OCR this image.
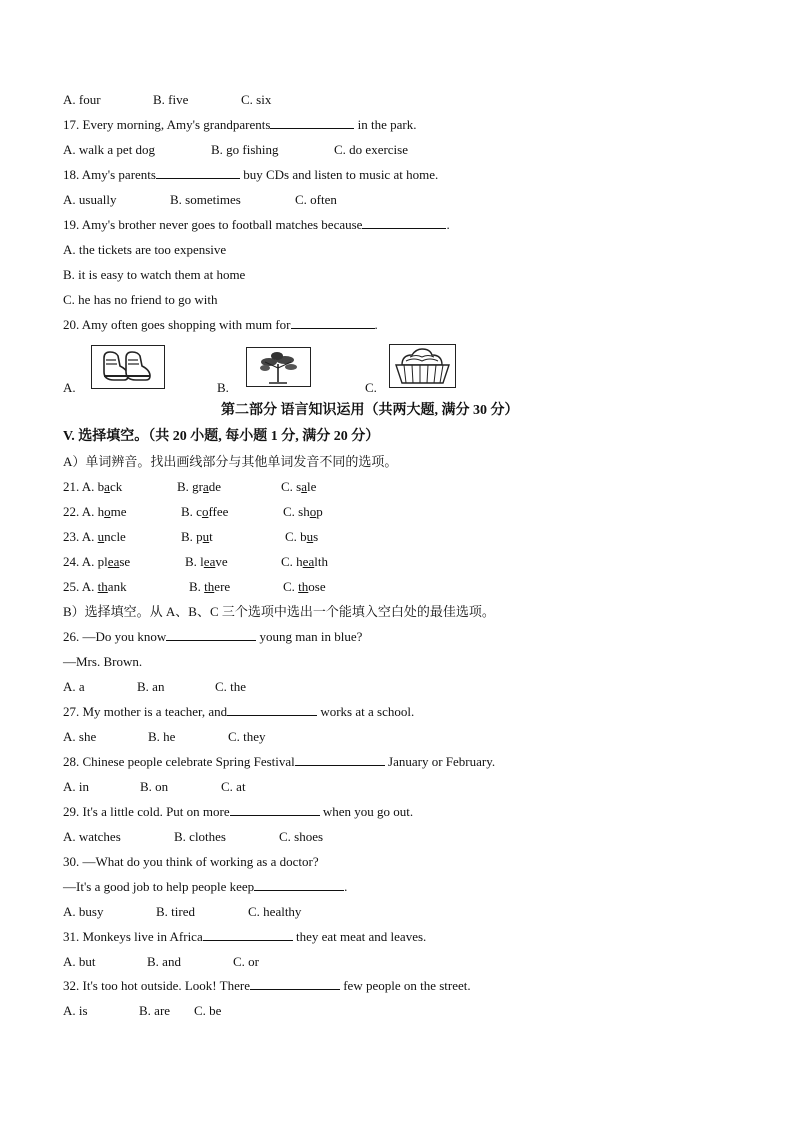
A. four	B. five	C. six
17. Every morning, Amy's grandparents	in the park.
A. walk a pet dog	B. go fishing	C. do exercise
18. Amy's parents	buy CDs and listen to music at home.
A. usually	B. sometimes	C. often
19. Amy's brother never goes to football matches because	.
A. the tickets are too expensive
B. it is easy to watch them at home
C. he has no friend to go with
20. Amy often goes shopping with mum for	.
A.	B.	C.
第二部分 语言知识运用（共两大题, 满分 30 分）
V. 选择填空。（共 20 小题, 每小题 1 分, 满分 20 分）
A）单词辨音。找出画线部分与其他单词发音不同的选项。
21. A. back	B. grade	C. sale
22. A. home	B. coffee	C. shop
23. A. uncle	B. put	C. bus
24. A. please	B. leave	C. health
25. A. thank	B. there	C. those
B）选择填空。从 A、B、C 三个选项中选出一个能填入空白处的最佳选项。
26. —Do you know	young man in blue?
—Mrs. Brown.
A. a	B. an	C. the
27. My mother is a teacher, and	works at a school.
A. she	B. he	C. they
28. Chinese people celebrate Spring Festival	January or February.
A. in	B. on	C. at
29. It's a little cold. Put on more	when you go out.
A. watches	B. clothes	C. shoes
30. —What do you think of working as a doctor?
—It's a good job to help people keep	.
A. busy	B. tired	C. healthy
31. Monkeys live in Africa	they eat meat and leaves.
A. but	B. and	C. or
32. It's too hot outside. Look! There	few people on the street.
A. is	B. are C. be
